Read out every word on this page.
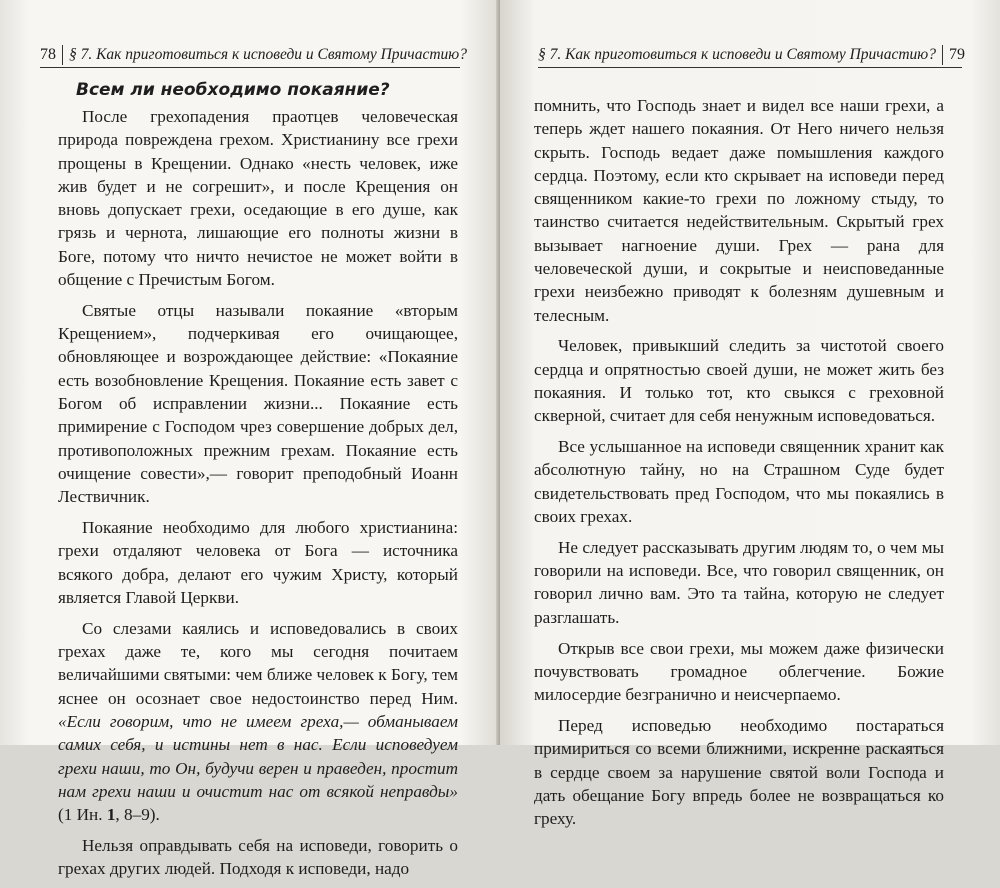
78 § 7. Как приготовиться к исповеди и Святому Причастию?
Всем ли необходимо покаяние?

После грехопадения праотцев человеческая природа повреждена грехом. Христианину все грехи прощены в Крещении. Однако «несть человек, иже жив будет и не согрешит», и после Крещения он вновь допускает грехи, оседающие в его душе, как грязь и чернота, лишающие его полноты жизни в Боге, потому что ничто нечистое не может войти в общение с Пречистым Богом.

Святые отцы называли покаяние «вторым Крещением», подчеркивая его очищающее, обновляющее и возрождающее действие: «Покаяние есть возобновление Крещения. Покаяние есть завет с Богом об исправлении жизни... Покаяние есть примирение с Господом чрез совершение добрых дел, противоположных прежним грехам. Покаяние есть очищение совести»,— говорит преподобный Иоанн Лествичник.

Покаяние необходимо для любого христианина: грехи отдаляют человека от Бога — источника всякого добра, делают его чужим Христу, который является Главой Церкви.

Со слезами каялись и исповедовались в своих грехах даже те, кого мы сегодня почитаем величайшими святыми: чем ближе человек к Богу, тем яснее он осознает свое недостоинство перед Ним. «Если говорим, что не имеем греха,— обманываем самих себя, и истины нет в нас. Если исповедуем грехи наши, то Он, будучи верен и праведен, простит нам грехи наши и очистит нас от всякой неправды» (1 Ин. 1, 8–9).

Нельзя оправдывать себя на исповеди, говорить о грехах других людей. Подходя к исповеди, надо

§ 7. Как приготовиться к исповеди и Святому Причастию? 79

помнить, что Господь знает и видел все наши грехи, а теперь ждет нашего покаяния. От Него ничего нельзя скрыть. Господь ведает даже помышления каждого сердца. Поэтому, если кто скрывает на исповеди перед священником какие-то грехи по ложному стыду, то таинство считается недействительным. Скрытый грех вызывает нагноение души. Грех — рана для человеческой души, и сокрытые и неисповеданные грехи неизбежно приводят к болезням душевным и телесным.

Человек, привыкший следить за чистотой своего сердца и опрятностью своей души, не может жить без покаяния. И только тот, кто свыкся с греховной скверной, считает для себя ненужным исповедоваться.

Все услышанное на исповеди священник хранит как абсолютную тайну, но на Страшном Суде будет свидетельствовать пред Господом, что мы покаялись в своих грехах.

Не следует рассказывать другим людям то, о чем мы говорили на исповеди. Все, что говорил священник, он говорил лично вам. Это та тайна, которую не следует разглашать.

Открыв все свои грехи, мы можем даже физически почувствовать громадное облегчение. Божие милосердие безгранично и неисчерпаемо.

Перед исповедью необходимо постараться примириться со всеми ближними, искренне раскаяться в сердце своем за нарушение святой воли Господа и дать обещание Богу впредь более не возвращаться ко греху.
